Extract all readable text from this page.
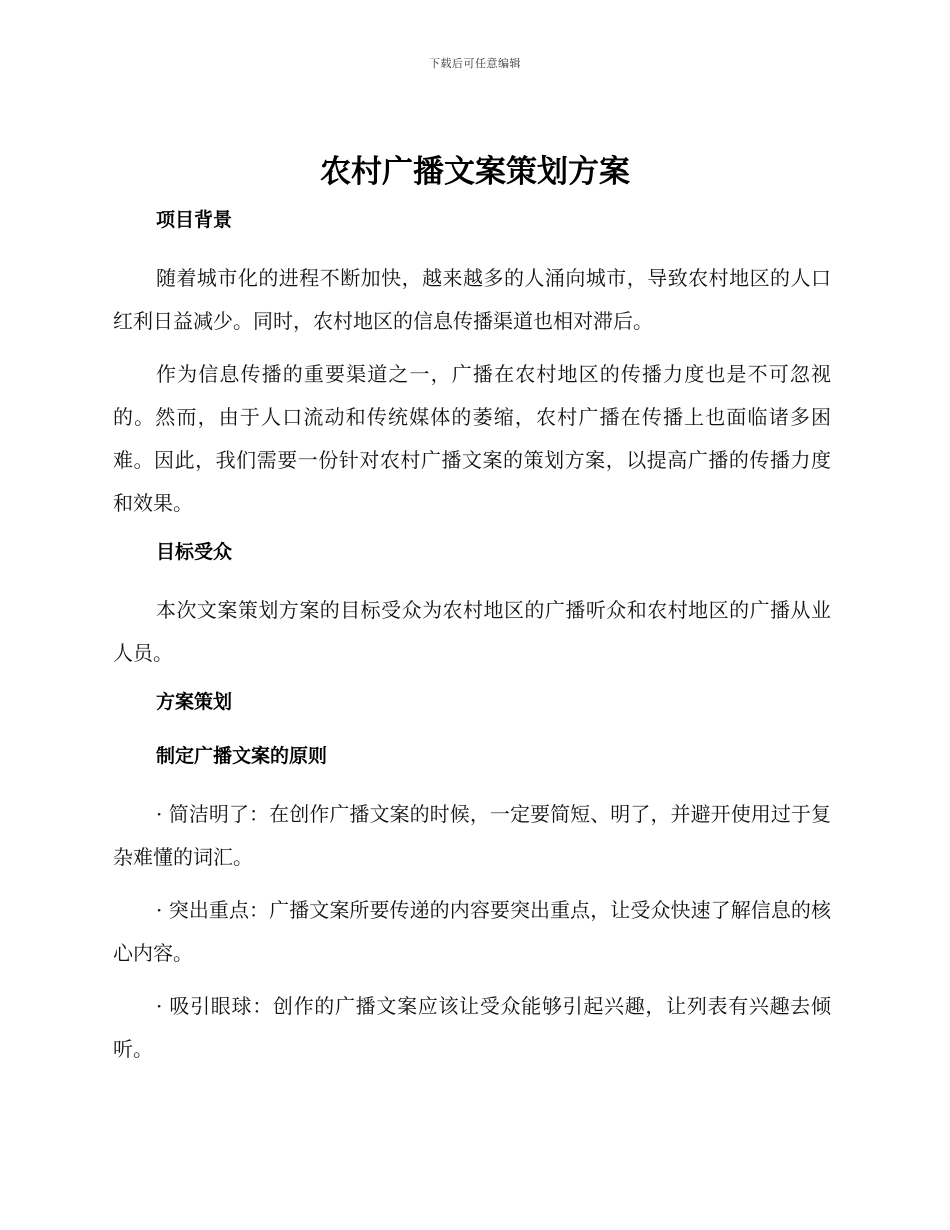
下载后可任意编辑
农村广播文案策划方案
项目背景

随着城市化的进程不断加快，越来越多的人涌向城市，导致农村地区的人口红利日益减少。同时，农村地区的信息传播渠道也相对滞后。

作为信息传播的重要渠道之一，广播在农村地区的传播力度也是不可忽视的。然而，由于人口流动和传统媒体的萎缩，农村广播在传播上也面临诸多困难。因此，我们需要一份针对农村广播文案的策划方案，以提高广播的传播力度和效果。

目标受众

本次文案策划方案的目标受众为农村地区的广播听众和农村地区的广播从业人员。

方案策划
制定广播文案的原则

· 简洁明了：在创作广播文案的时候，一定要简短、明了，并避开使用过于复杂难懂的词汇。

· 突出重点：广播文案所要传递的内容要突出重点，让受众快速了解信息的核心内容。

· 吸引眼球：创作的广播文案应该让受众能够引起兴趣，让列表有兴趣去倾听。
